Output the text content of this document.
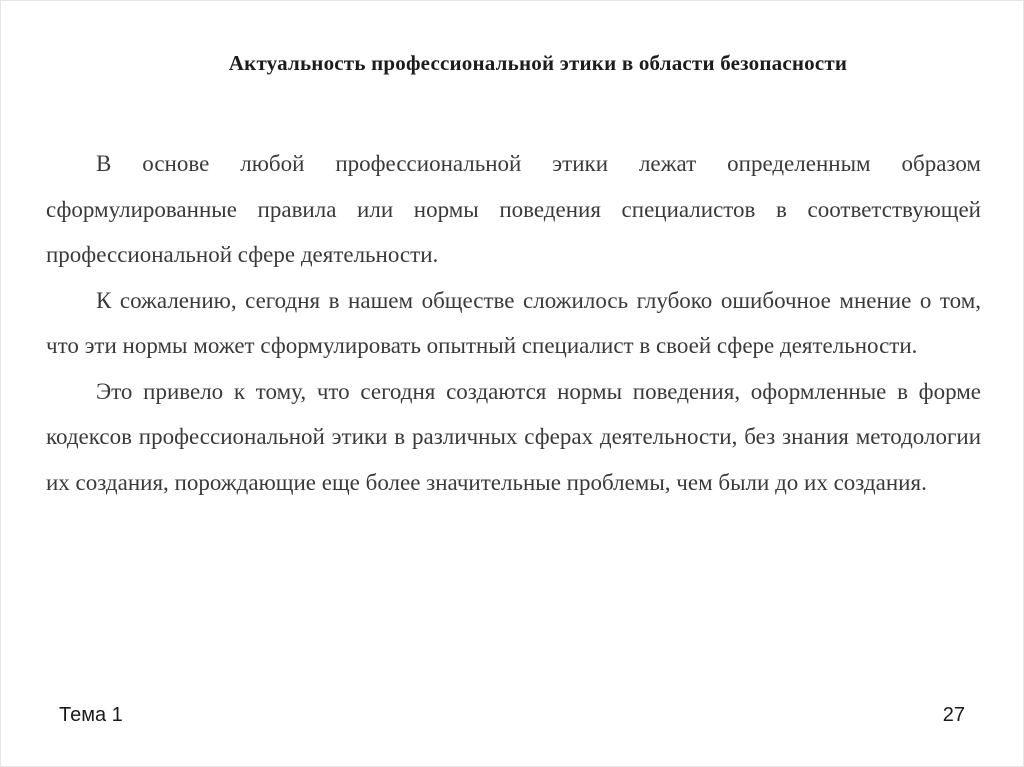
Актуальность профессиональной этики в области безопасности

В основе любой профессиональной этики лежат определенным образом сформулированные правила или нормы поведения специалистов в соответствующей профессиональной сфере деятельности.

К сожалению, сегодня в нашем обществе сложилось глубоко ошибочное мнение о том, что эти нормы может сформулировать опытный специалист в своей сфере деятельности.

Это привело к тому, что сегодня создаются нормы поведения, оформленные в форме кодексов профессиональной этики в различных сферах деятельности, без знания методологии их создания, порождающие еще более значительные проблемы, чем были до их создания.

Тема 1	27
